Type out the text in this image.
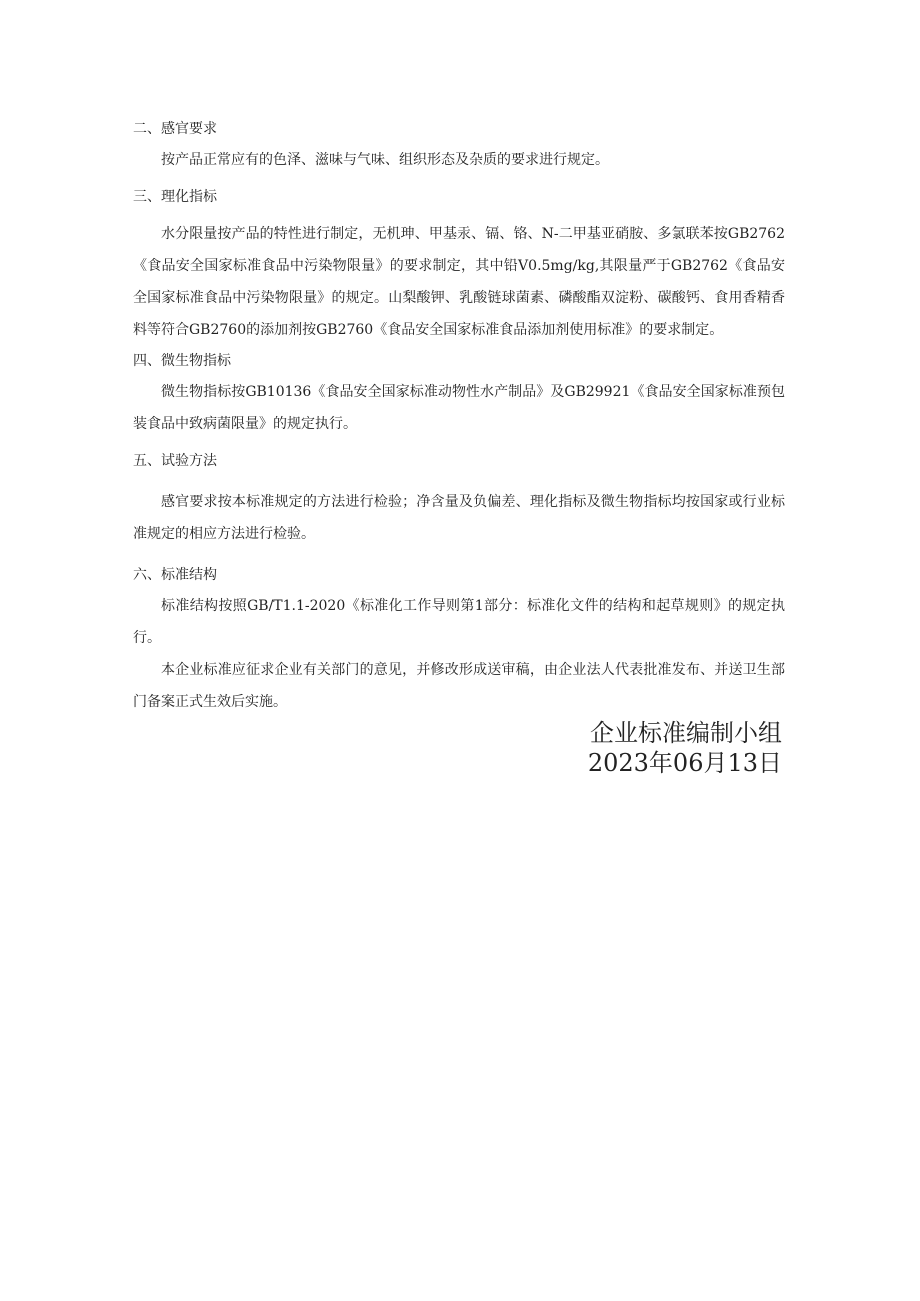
二、感官要求

按产品正常应有的色泽、滋味与气味、组织形态及杂质的要求进行规定。

三、理化指标

水分限量按产品的特性进行制定，无机珅、甲基汞、镉、铬、N-二甲基亚硝胺、多氯联苯按GB2762《食品安全国家标准食品中污染物限量》的要求制定，其中铅V0.5mg∕kg,其限量严于GB2762《食品安全国家标准食品中污染物限量》的规定。山梨酸钾、乳酸链球菌素、磷酸酯双淀粉、碳酸钙、食用香精香料等符合GB2760的添加剂按GB2760《食品安全国家标准食品添加剂使用标准》的要求制定。

四、微生物指标

微生物指标按GB10136《食品安全国家标准动物性水产制品》及GB29921《食品安全国家标准预包装食品中致病菌限量》的规定执行。

五、试验方法

感官要求按本标准规定的方法进行检验；净含量及负偏差、理化指标及微生物指标均按国家或行业标准规定的相应方法进行检验。

六、标准结构

标准结构按照GB/T1.1-2020《标准化工作导则第1部分：标准化文件的结构和起草规则》的规定执行。

本企业标准应征求企业有关部门的意见，并修改形成送审稿，由企业法人代表批准发布、并送卫生部门备案正式生效后实施。

企业标准编制小组
2023年06月13日
